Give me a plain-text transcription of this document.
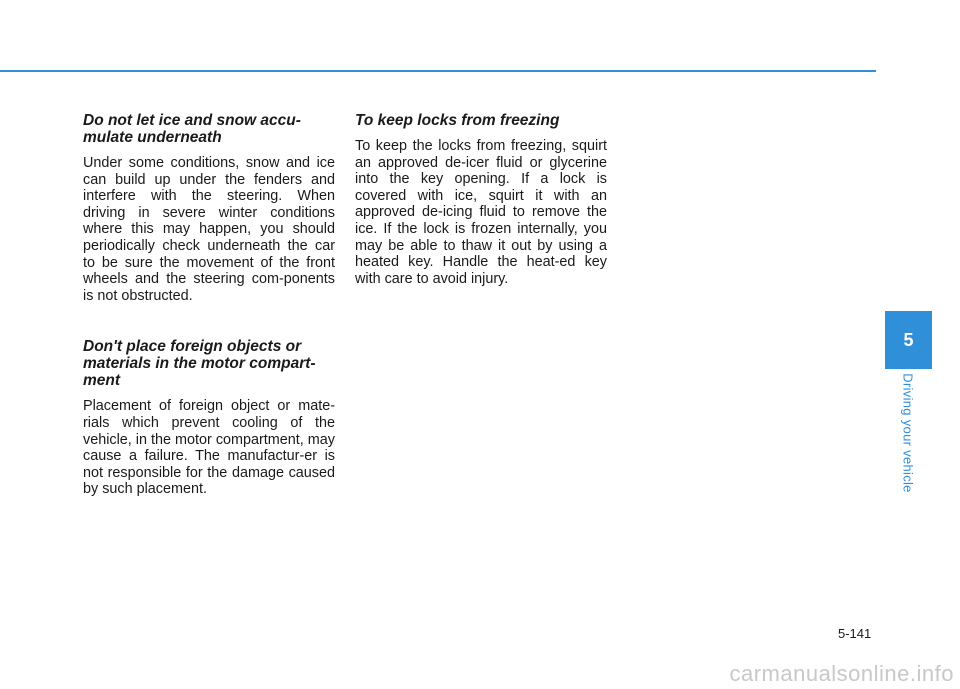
Do not let ice and snow accu-
mulate underneath

Under some conditions, snow and ice can build up under the fenders and interfere with the steering. When driving in severe winter conditions where this may happen, you should periodically check underneath the car to be sure the movement of the front wheels and the steering com-ponents is not obstructed.

Don't place foreign objects or materials in the motor compart-ment

Placement of foreign object or mate-rials which prevent cooling of the vehicle, in the motor compartment, may cause a failure. The manufactur-er is not responsible for the damage caused by such placement.

To keep locks from freezing

To keep the locks from freezing, squirt an approved de-icer fluid or glycerine into the key opening. If a lock is covered with ice, squirt it with an approved de-icing fluid to remove the ice. If the lock is frozen internally, you may be able to thaw it out by using a heated key. Handle the heat-ed key with care to avoid injury.

5
Driving your vehicle
5-141
carmanualsonline.info
